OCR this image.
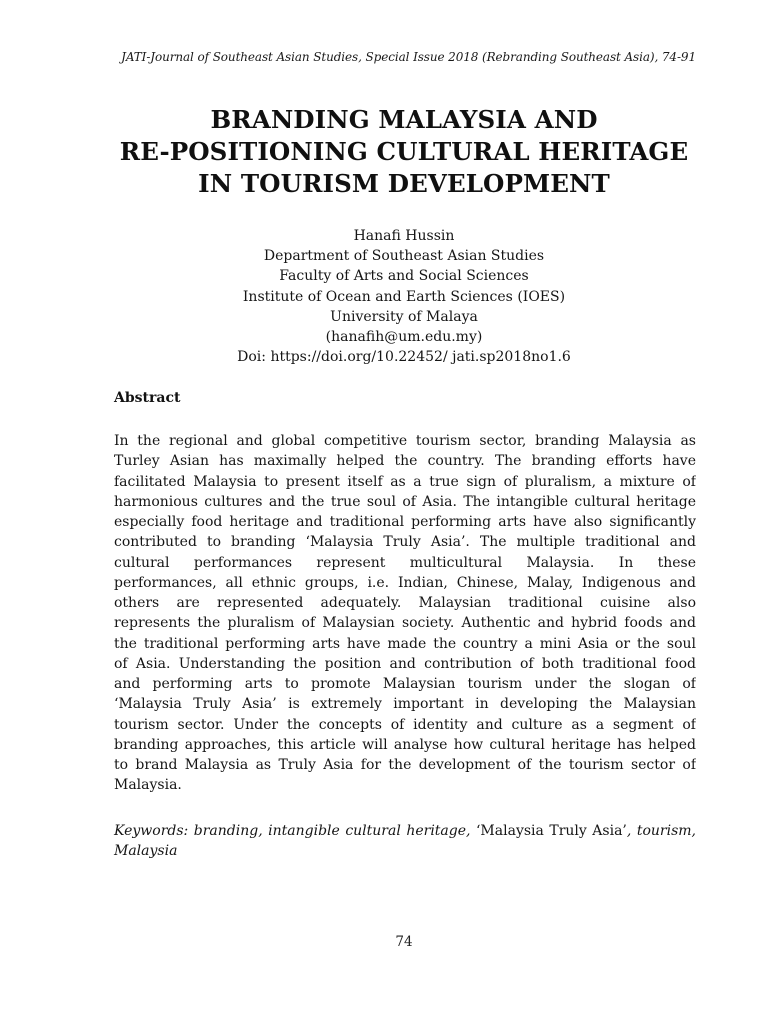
JATI-Journal of Southeast Asian Studies, Special Issue 2018 (Rebranding Southeast Asia), 74-91
BRANDING MALAYSIA AND
RE-POSITIONING CULTURAL HERITAGE
IN TOURISM DEVELOPMENT
Hanafi Hussin
Department of Southeast Asian Studies
Faculty of Arts and Social Sciences
Institute of Ocean and Earth Sciences (IOES)
University of Malaya
(hanafih@um.edu.my)
Doi: https://doi.org/10.22452/ jati.sp2018no1.6
Abstract
In the regional and global competitive tourism sector, branding Malaysia as
Turley Asian has maximally helped the country. The branding efforts have
facilitated Malaysia to present itself as a true sign of pluralism, a mixture of
harmonious cultures and the true soul of Asia. The intangible cultural heritage
especially food heritage and traditional performing arts have also significantly
contributed to branding ‘Malaysia Truly Asia’. The multiple traditional and
cultural performances represent multicultural Malaysia. In these
performances, all ethnic groups, i.e. Indian, Chinese, Malay, Indigenous and
others are represented adequately. Malaysian traditional cuisine also
represents the pluralism of Malaysian society. Authentic and hybrid foods and
the traditional performing arts have made the country a mini Asia or the soul
of Asia. Understanding the position and contribution of both traditional food
and performing arts to promote Malaysian tourism under the slogan of
‘Malaysia Truly Asia’ is extremely important in developing the Malaysian
tourism sector. Under the concepts of identity and culture as a segment of
branding approaches, this article will analyse how cultural heritage has helped
to brand Malaysia as Truly Asia for the development of the tourism sector of
Malaysia.
Keywords: branding, intangible cultural heritage, ‘Malaysia Truly Asia’, tourism,
Malaysia
74
